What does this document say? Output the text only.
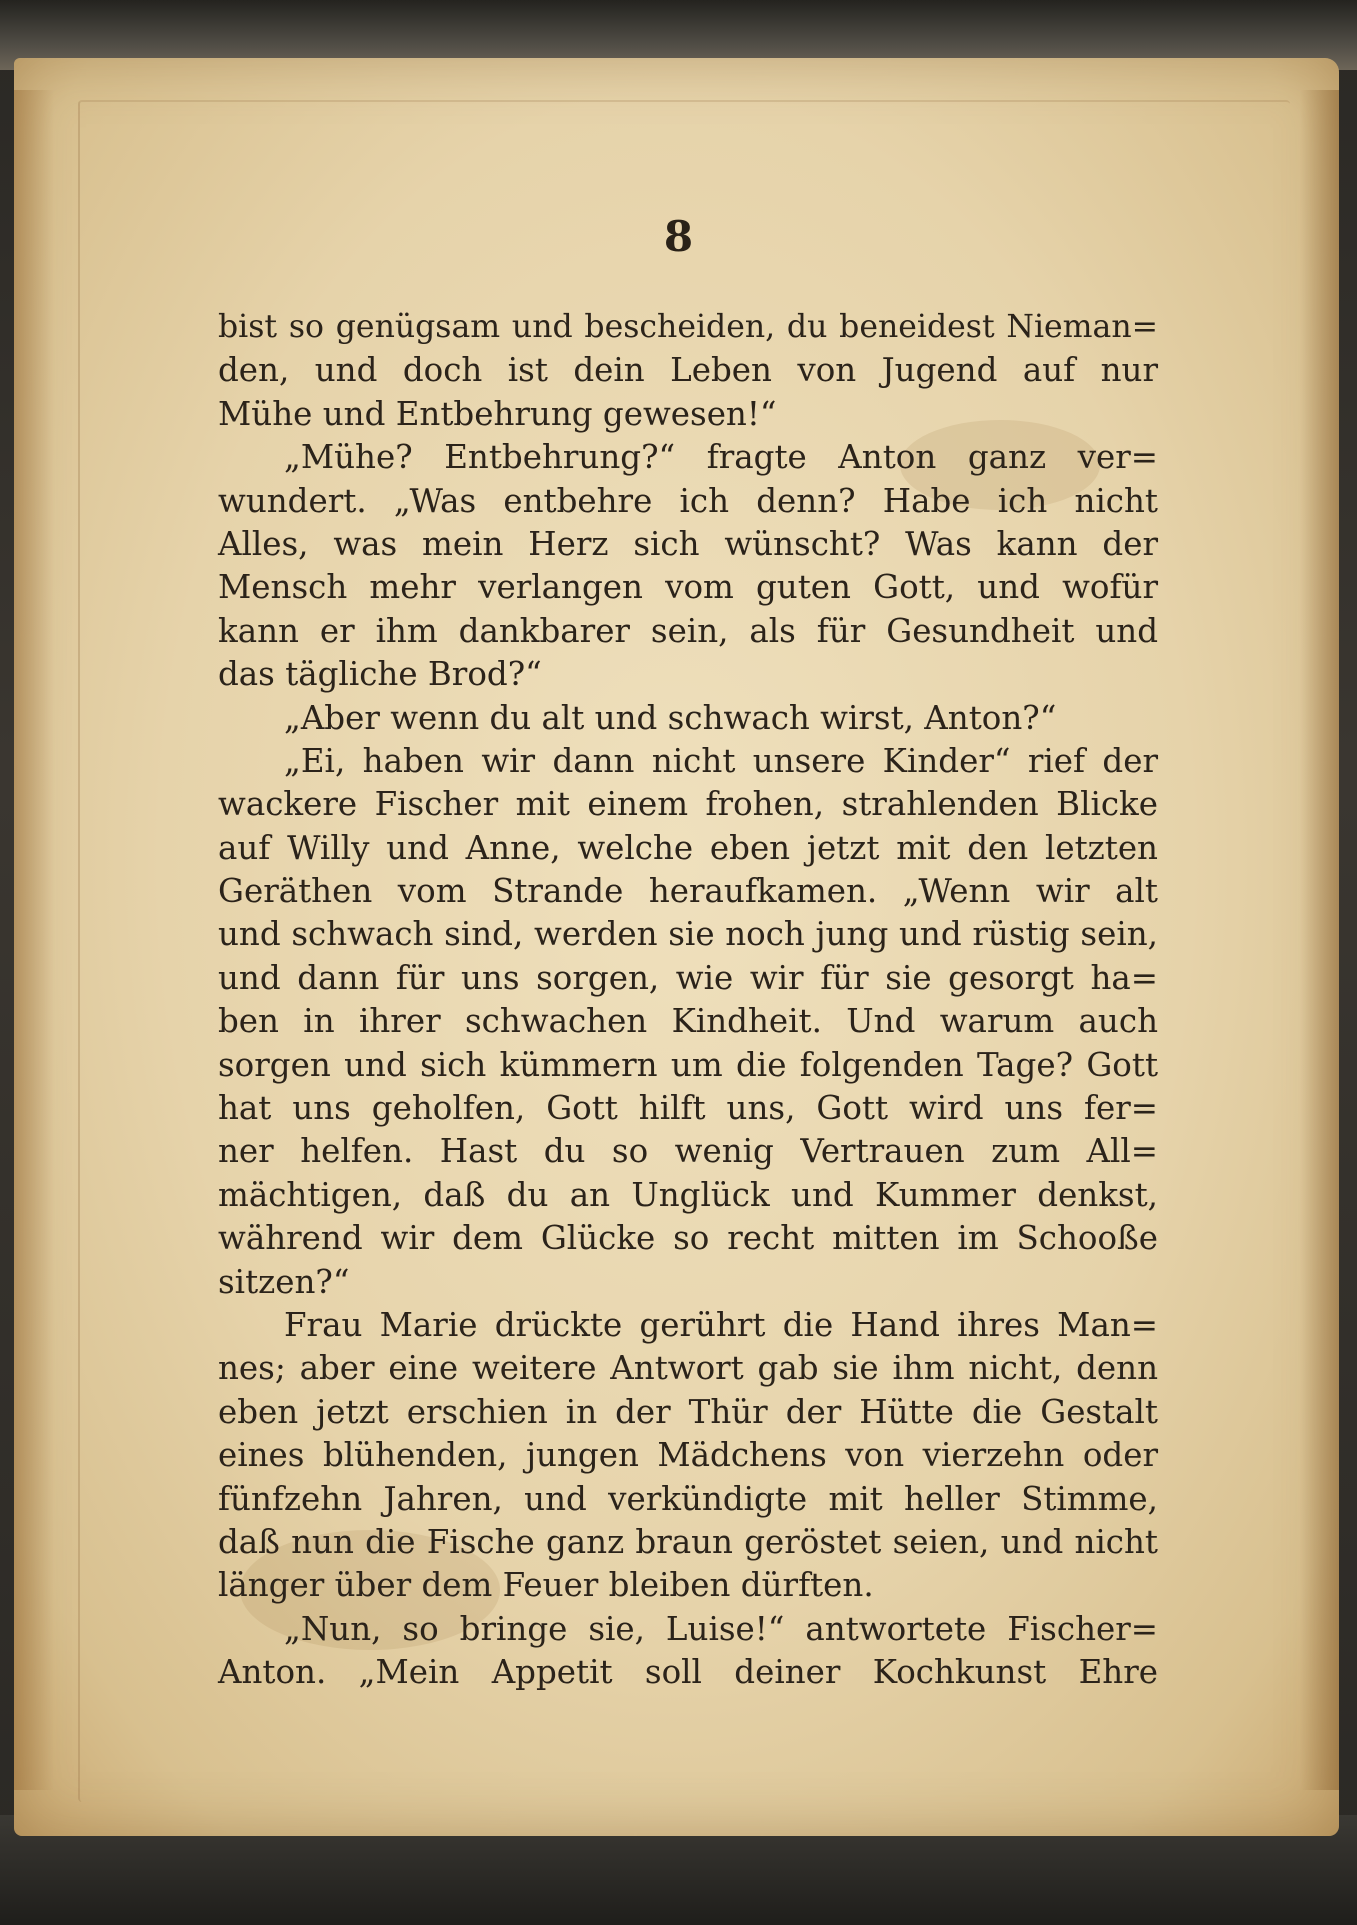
8
bist so genügsam und bescheiden, du beneidest Nieman=
den, und doch ist dein Leben von Jugend auf nur
Mühe und Entbehrung gewesen!“
„Mühe? Entbehrung?“ fragte Anton ganz ver=
wundert. „Was entbehre ich denn? Habe ich nicht
Alles, was mein Herz sich wünscht? Was kann der
Mensch mehr verlangen vom guten Gott, und wofür
kann er ihm dankbarer sein, als für Gesundheit und
das tägliche Brod?“
„Aber wenn du alt und schwach wirst, Anton?“
„Ei, haben wir dann nicht unsere Kinder“ rief der
wackere Fischer mit einem frohen, strahlenden Blicke
auf Willy und Anne, welche eben jetzt mit den letzten
Geräthen vom Strande heraufkamen. „Wenn wir alt
und schwach sind, werden sie noch jung und rüstig sein,
und dann für uns sorgen, wie wir für sie gesorgt ha=
ben in ihrer schwachen Kindheit. Und warum auch
sorgen und sich kümmern um die folgenden Tage? Gott
hat uns geholfen, Gott hilft uns, Gott wird uns fer=
ner helfen. Hast du so wenig Vertrauen zum All=
mächtigen, daß du an Unglück und Kummer denkst,
während wir dem Glücke so recht mitten im Schooße
sitzen?“
Frau Marie drückte gerührt die Hand ihres Man=
nes; aber eine weitere Antwort gab sie ihm nicht, denn
eben jetzt erschien in der Thür der Hütte die Gestalt
eines blühenden, jungen Mädchens von vierzehn oder
fünfzehn Jahren, und verkündigte mit heller Stimme,
daß nun die Fische ganz braun geröstet seien, und nicht
länger über dem Feuer bleiben dürften.
„Nun, so bringe sie, Luise!“ antwortete Fischer=
Anton. „Mein Appetit soll deiner Kochkunst Ehre
